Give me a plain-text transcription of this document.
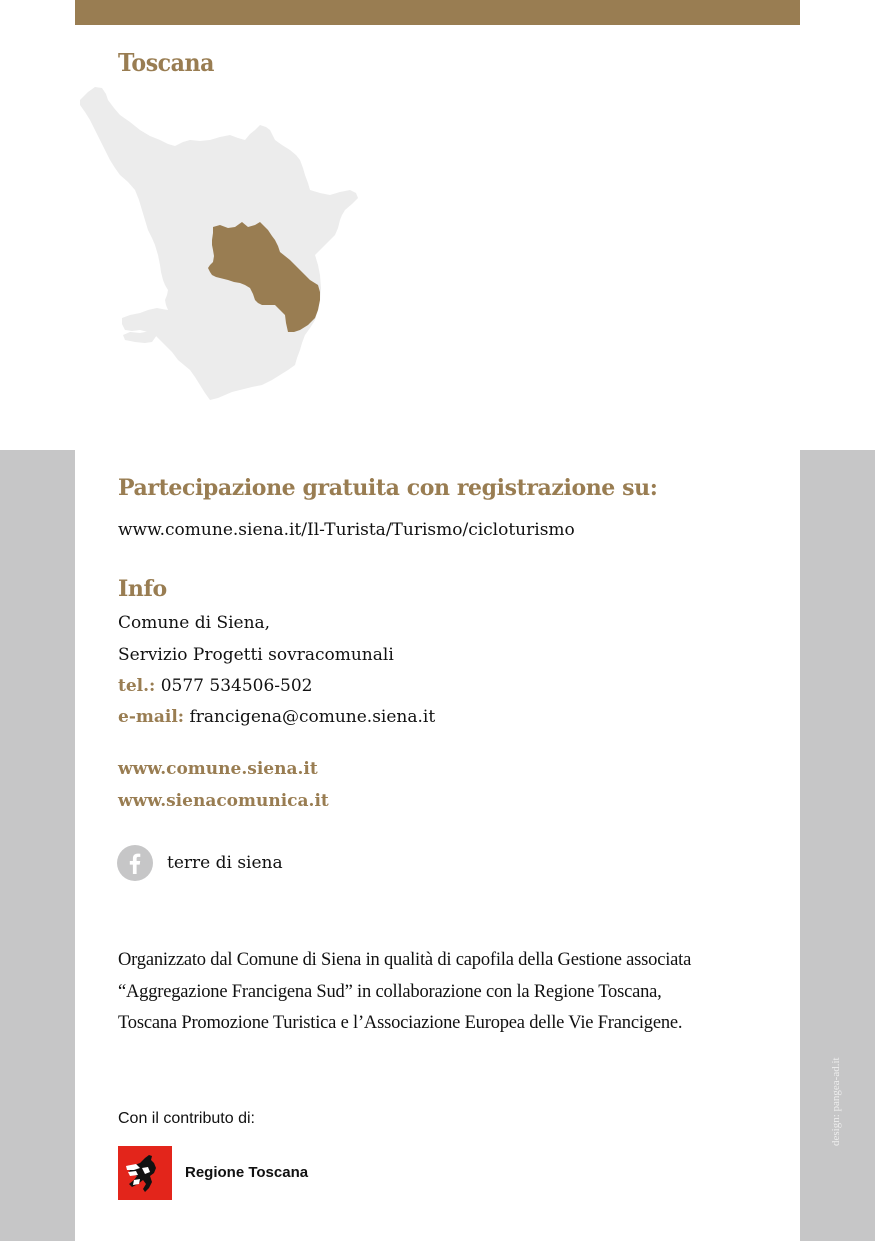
Toscana
Partecipazione gratuita con registrazione su:
www.comune.siena.it/Il-Turista/Turismo/cicloturismo
Info
Comune di Siena,
Servizio Progetti sovracomunali
tel.: 0577 534506-502
e-mail: francigena@comune.siena.it
www.comune.siena.it
www.sienacomunica.it
terre di siena
Organizzato dal Comune di Siena in qualità di capofila della Gestione associata
“Aggregazione Francigena Sud” in collaborazione con la Regione Toscana,
Toscana Promozione Turistica e l’Associazione Europea delle Vie Francigene.
Con il contributo di:
Regione Toscana
design: pangea-ad.it
